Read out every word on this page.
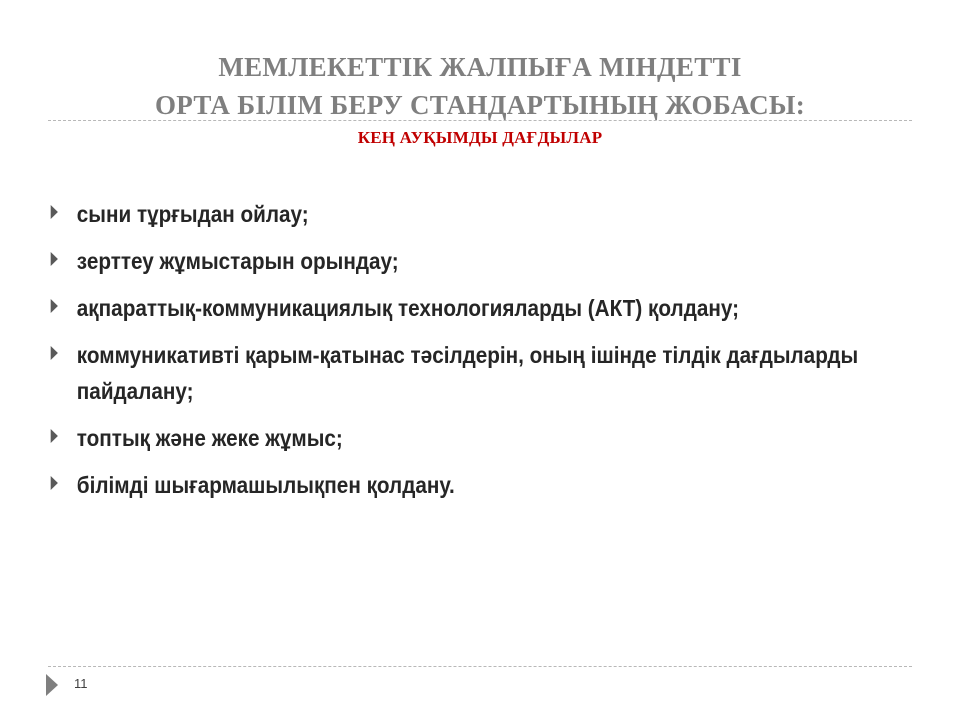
МЕМЛЕКЕТТІК ЖАЛПЫҒА МІНДЕТТІ
ОРТА БІЛІМ БЕРУ СТАНДАРТЫНЫҢ ЖОБАСЫ:
КЕҢ АУҚЫМДЫ ДАҒДЫЛАР
сыни тұрғыдан ойлау;
зерттеу жұмыстарын орындау;
ақпараттық-коммуникациялық технологияларды (АКТ) қолдану;
коммуникативті қарым-қатынас тәсілдерін, оның ішінде тілдік дағдыларды пайдалану;
топтық және жеке жұмыс;
білімді шығармашылықпен қолдану.
11
